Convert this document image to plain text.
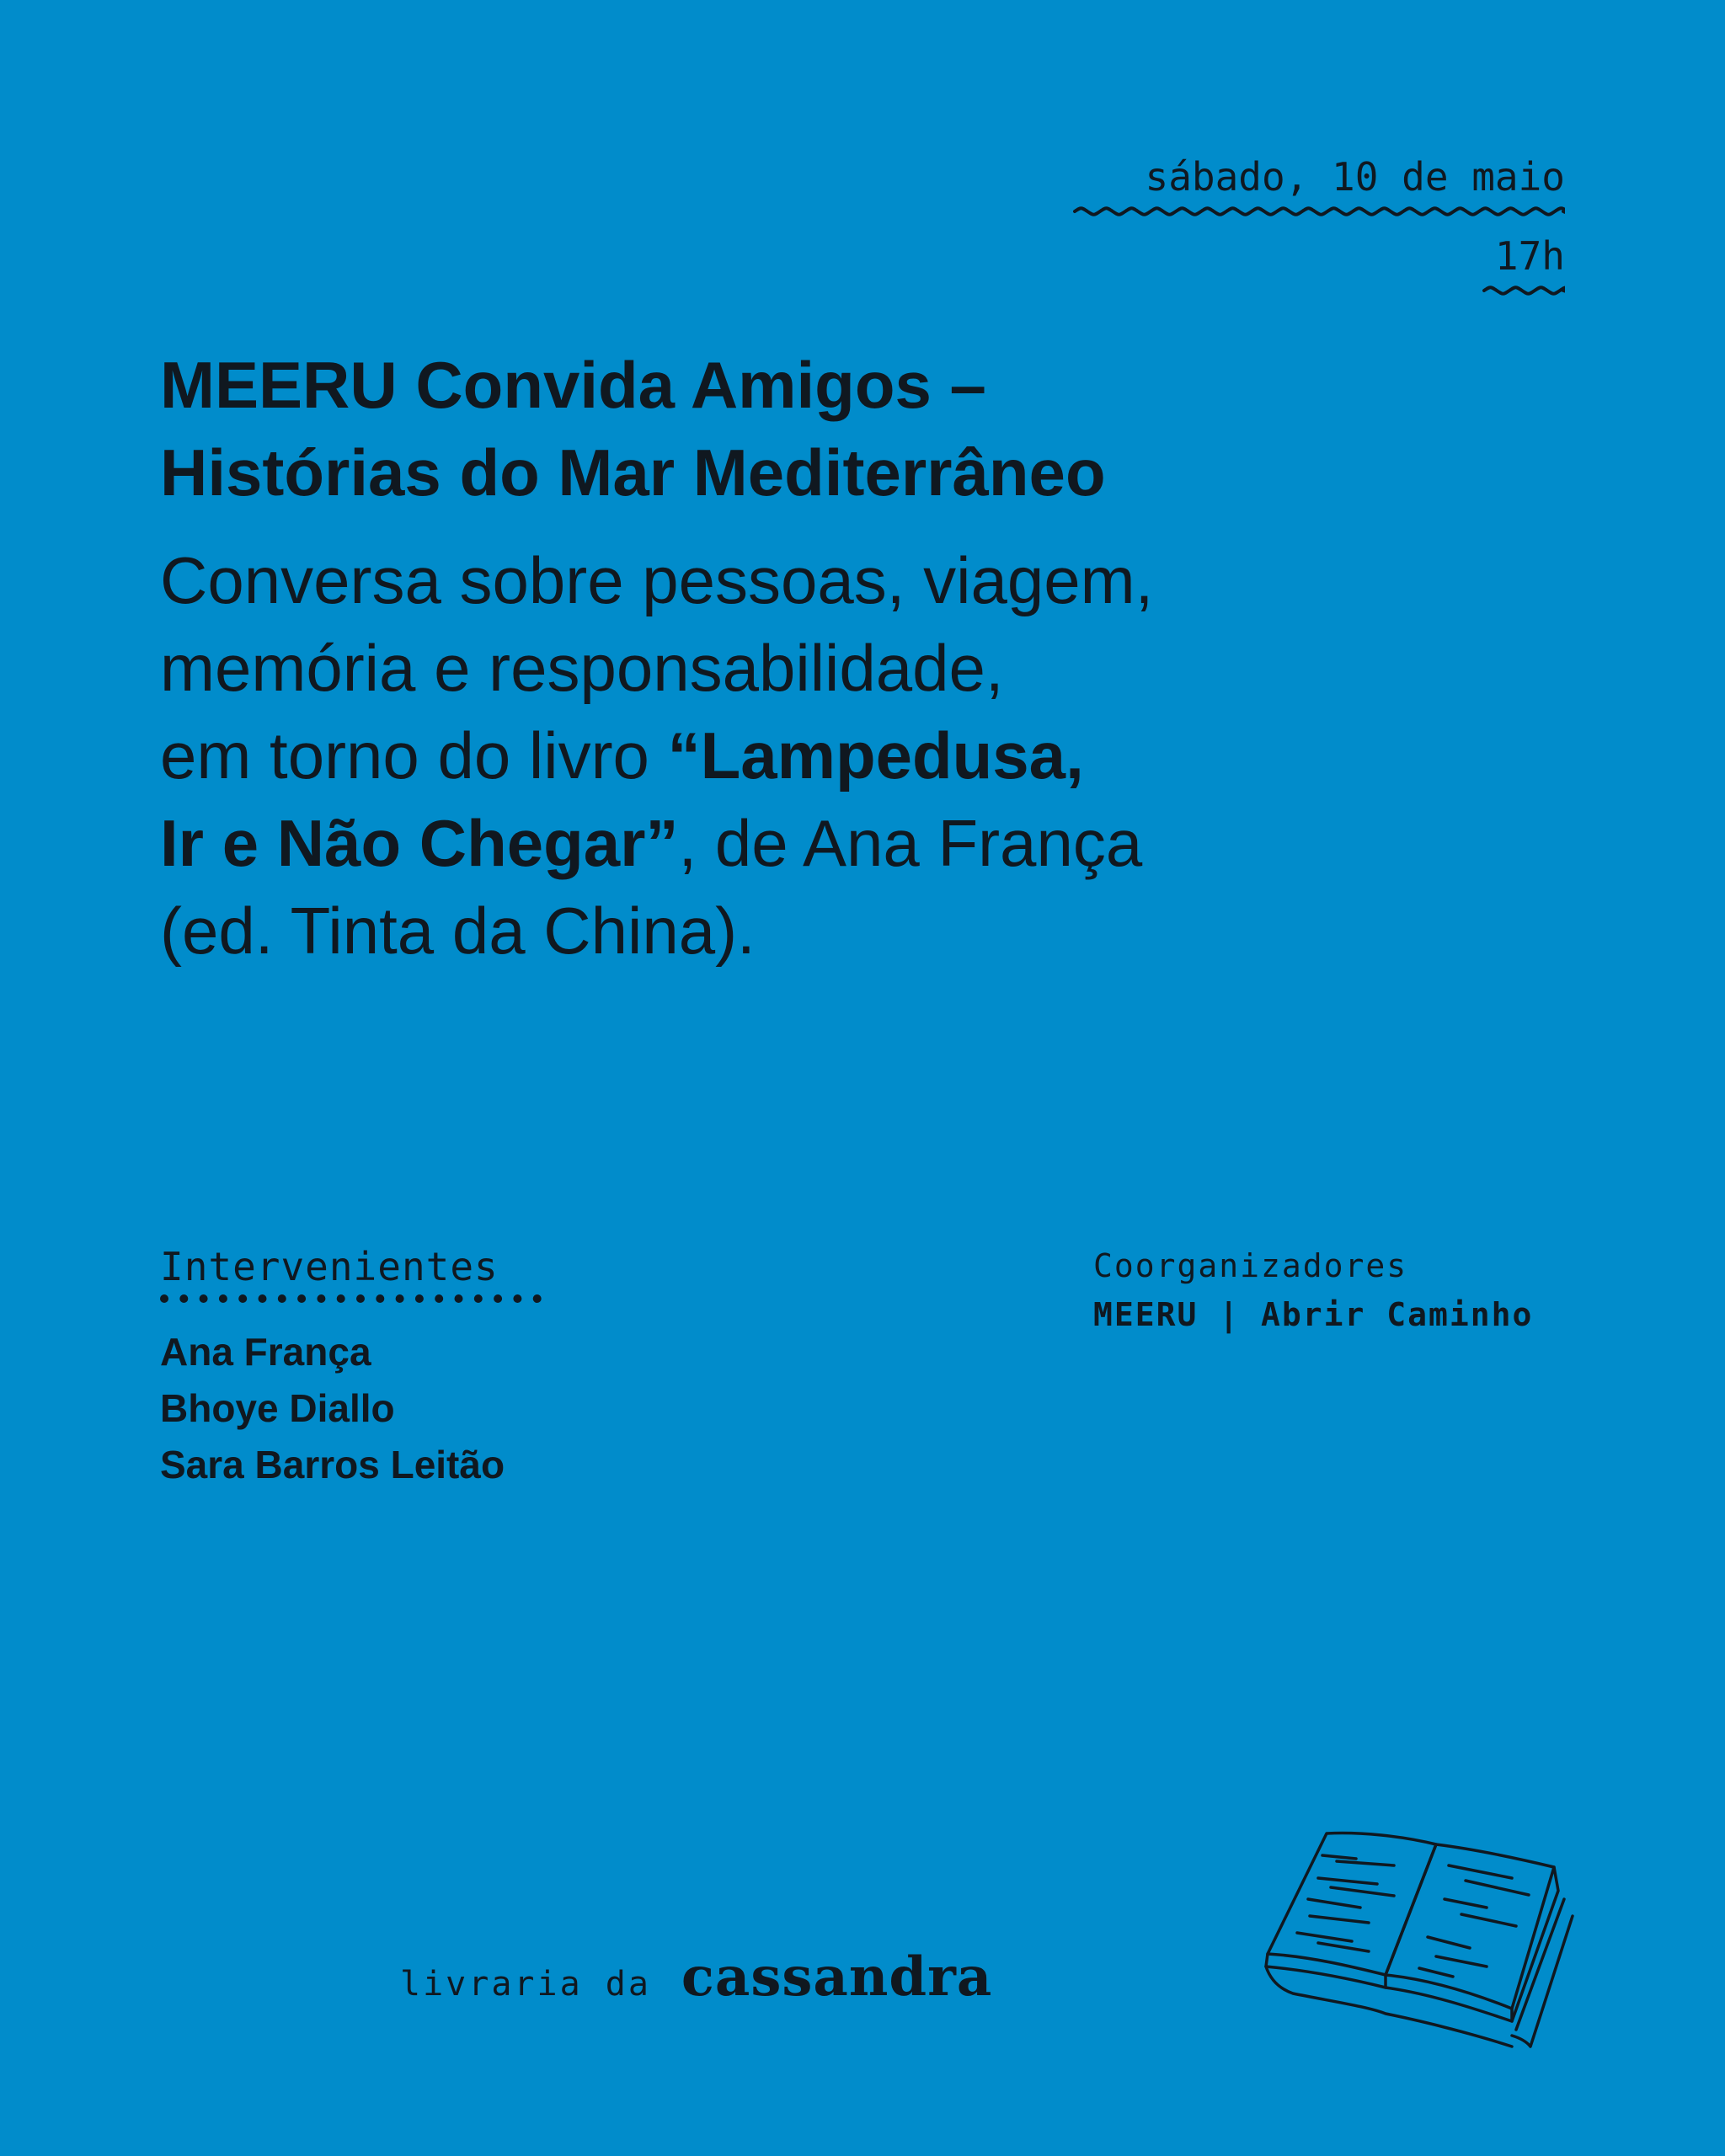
sábado, 10 de maio
17h
MEERU Convida Amigos –
Histórias do Mar Mediterrâneo

Conversa sobre pessoas, viagem,
memória e responsabilidade,
em torno do livro “Lampedusa,
Ir e Não Chegar”, de Ana França
(ed. Tinta da China).

Intervenientes
Ana França
Bhoye Diallo
Sara Barros Leitão
Coorganizadores
MEERU | Abrir Caminho
livraria da cassandra
